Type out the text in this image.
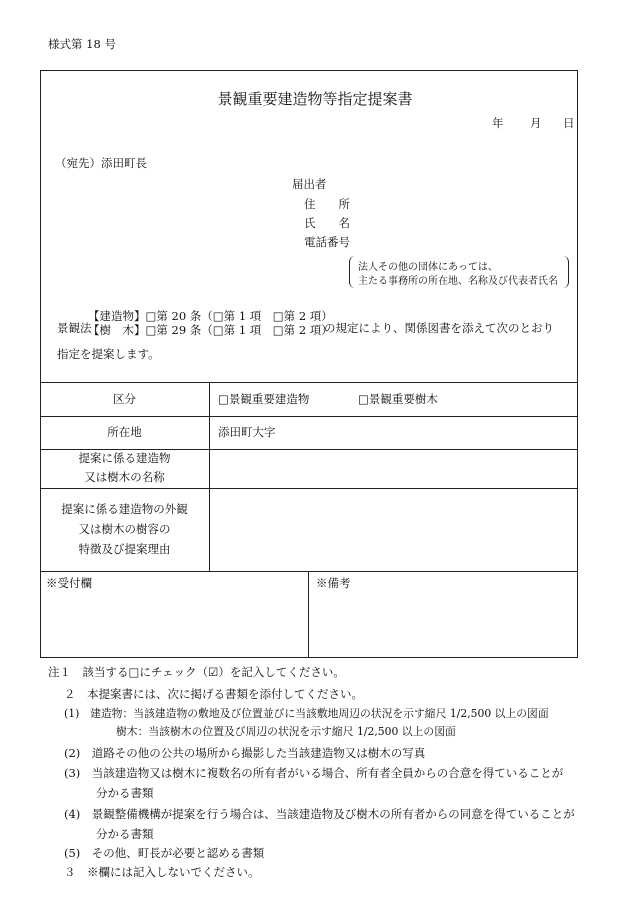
様式第 18 号
景観重要建造物等指定提案書
年 月 日
（宛先）添田町長
届出者
住　　所
氏　　名
電話番号
法人その他の団体にあっては、
主たる事務所の所在地、名称及び代表者氏名
【建造物】□第 20 条（□第 1 項　□第 2 項）
景観法
【樹　木】□第 29 条（□第 1 項　□第 2 項）
の規定により、関係図書を添えて次のとおり
指定を提案します。
区分	□景観重要建造物	□景観重要樹木
所在地	添田町大字
提案に係る建造物
又は樹木の名称
提案に係る建造物の外観
又は樹木の樹容の
特徴及び提案理由
※受付欄	※備考
注１　該当する□にチェック（☑）を記入してください。
２　本提案書には、次に掲げる書類を添付してください。
(1)　建造物：当該建造物の敷地及び位置並びに当該敷地周辺の状況を示す縮尺 1/2,500 以上の図面
樹木：当該樹木の位置及び周辺の状況を示す縮尺 1/2,500 以上の図面
(2)　道路その他の公共の場所から撮影した当該建造物又は樹木の写真
(3)　当該建造物又は樹木に複数名の所有者がいる場合、所有者全員からの合意を得ていることが
分かる書類
(4)　景観整備機構が提案を行う場合は、当該建造物及び樹木の所有者からの同意を得ていることが
分かる書類
(5)　その他、町長が必要と認める書類
３　※欄には記入しないでください。
